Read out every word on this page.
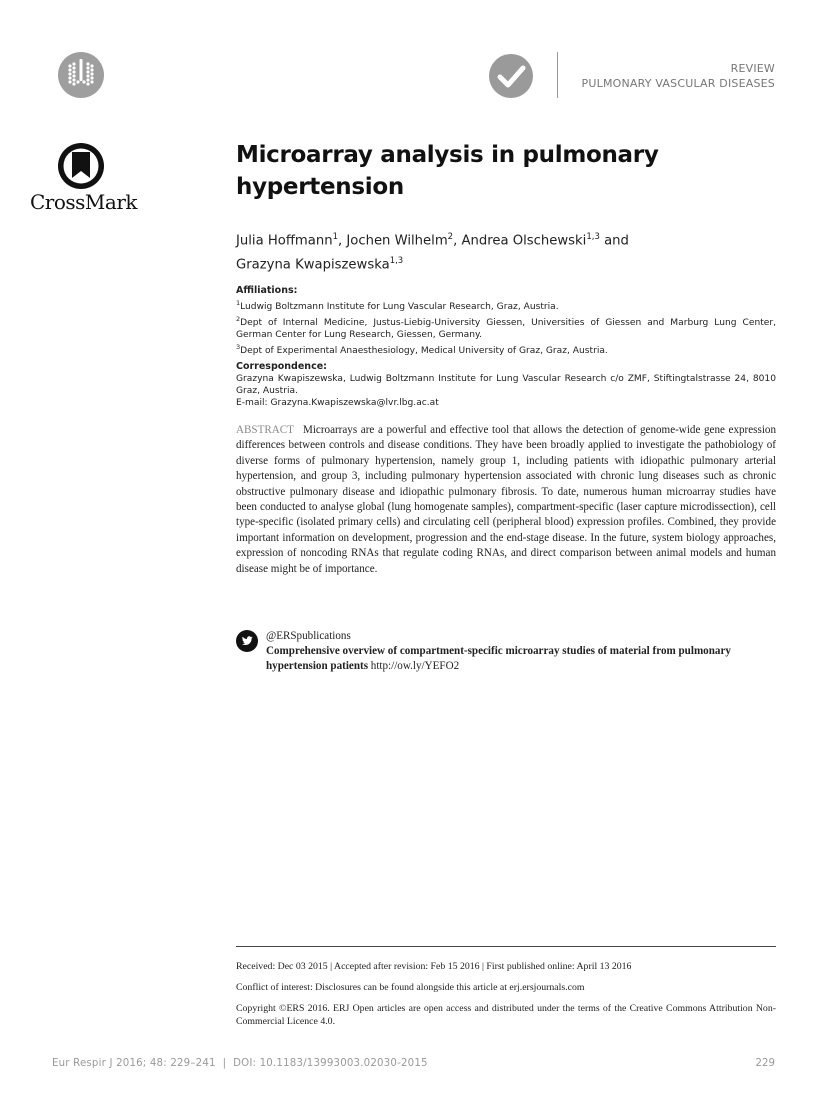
REVIEW
PULMONARY VASCULAR DISEASES
CrossMark
Microarray analysis in pulmonary hypertension
Julia Hoffmann$^1$, Jochen Wilhelm$^2$, Andrea Olschewski$^{1,3}$ and
Grazyna Kwapiszewska$^{1,3}$
Affiliations:
$^1$Ludwig Boltzmann Institute for Lung Vascular Research, Graz, Austria.
$^2$Dept of Internal Medicine, Justus-Liebig-University Giessen, Universities of Giessen and Marburg Lung Center, German Center for Lung Research, Giessen, Germany.
$^3$Dept of Experimental Anaesthesiology, Medical University of Graz, Graz, Austria.
Correspondence:
Grazyna Kwapiszewska, Ludwig Boltzmann Institute for Lung Vascular Research c/o ZMF, Stiftingtalstrasse 24, 8010 Graz, Austria.
E-mail: Grazyna.Kwapiszewska@lvr.lbg.ac.at
ABSTRACT Microarrays are a powerful and effective tool that allows the detection of genome-wide gene expression differences between controls and disease conditions. They have been broadly applied to investigate the pathobiology of diverse forms of pulmonary hypertension, namely group 1, including patients with idiopathic pulmonary arterial hypertension, and group 3, including pulmonary hypertension associated with chronic lung diseases such as chronic obstructive pulmonary disease and idiopathic pulmonary fibrosis. To date, numerous human microarray studies have been conducted to analyse global (lung homogenate samples), compartment-specific (laser capture microdissection), cell type-specific (isolated primary cells) and circulating cell (peripheral blood) expression profiles. Combined, they provide important information on development, progression and the end-stage disease. In the future, system biology approaches, expression of noncoding RNAs that regulate coding RNAs, and direct comparison between animal models and human disease might be of importance.
@ERSpublications
Comprehensive overview of compartment-specific microarray studies of material from pulmonary hypertension patients http://ow.ly/YEFO2

Received: Dec 03 2015 | Accepted after revision: Feb 15 2016 | First published online: April 13 2016

Conflict of interest: Disclosures can be found alongside this article at erj.ersjournals.com

Copyright ©ERS 2016. ERJ Open articles are open access and distributed under the terms of the Creative Commons Attribution Non-Commercial Licence 4.0.

Eur Respir J 2016; 48: 229–241  |  DOI: 10.1183/13993003.02030-2015	229
